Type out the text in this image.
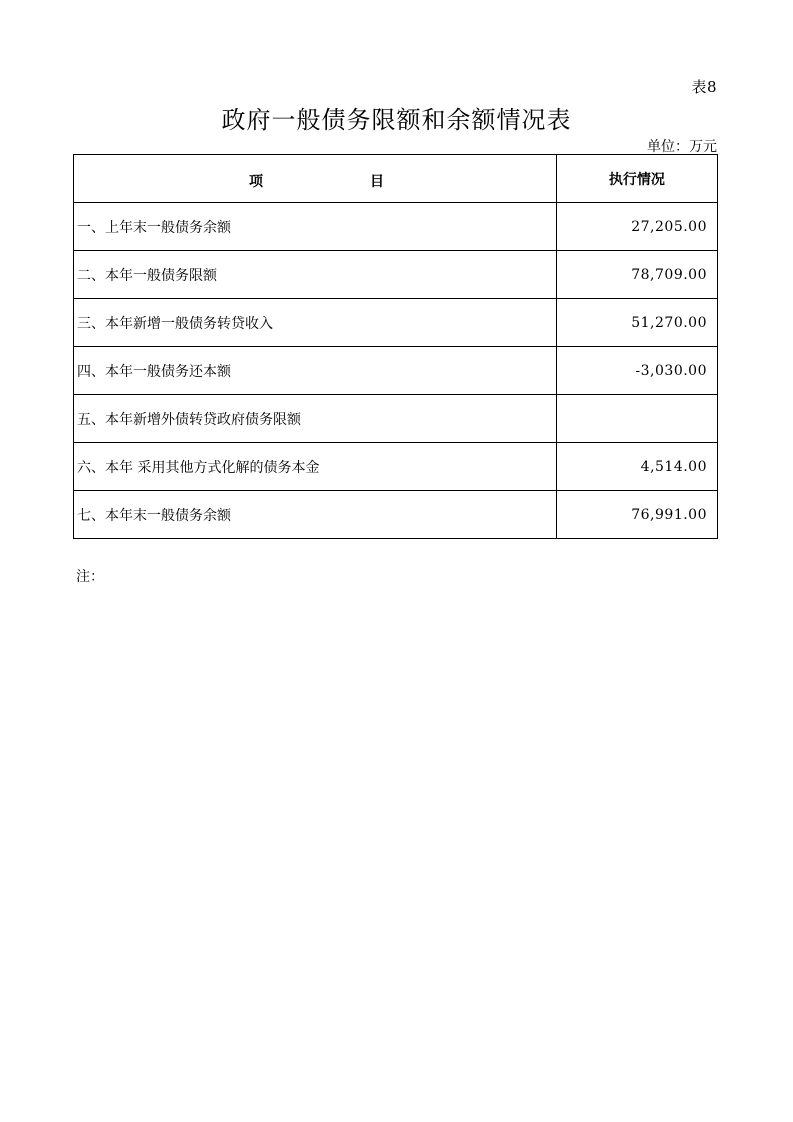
表8
政府一般债务限额和余额情况表
单位：万元
项 目	执行情况
一、上年末一般债务余额	27,205.00
二、本年一般债务限额	78,709.00
三、本年新增一般债务转贷收入	51,270.00
四、本年一般债务还本额	-3,030.00
五、本年新增外债转贷政府债务限额	
六、本年 采用其他方式化解的债务本金	4,514.00
七、本年末一般债务余额	76,991.00
注：
